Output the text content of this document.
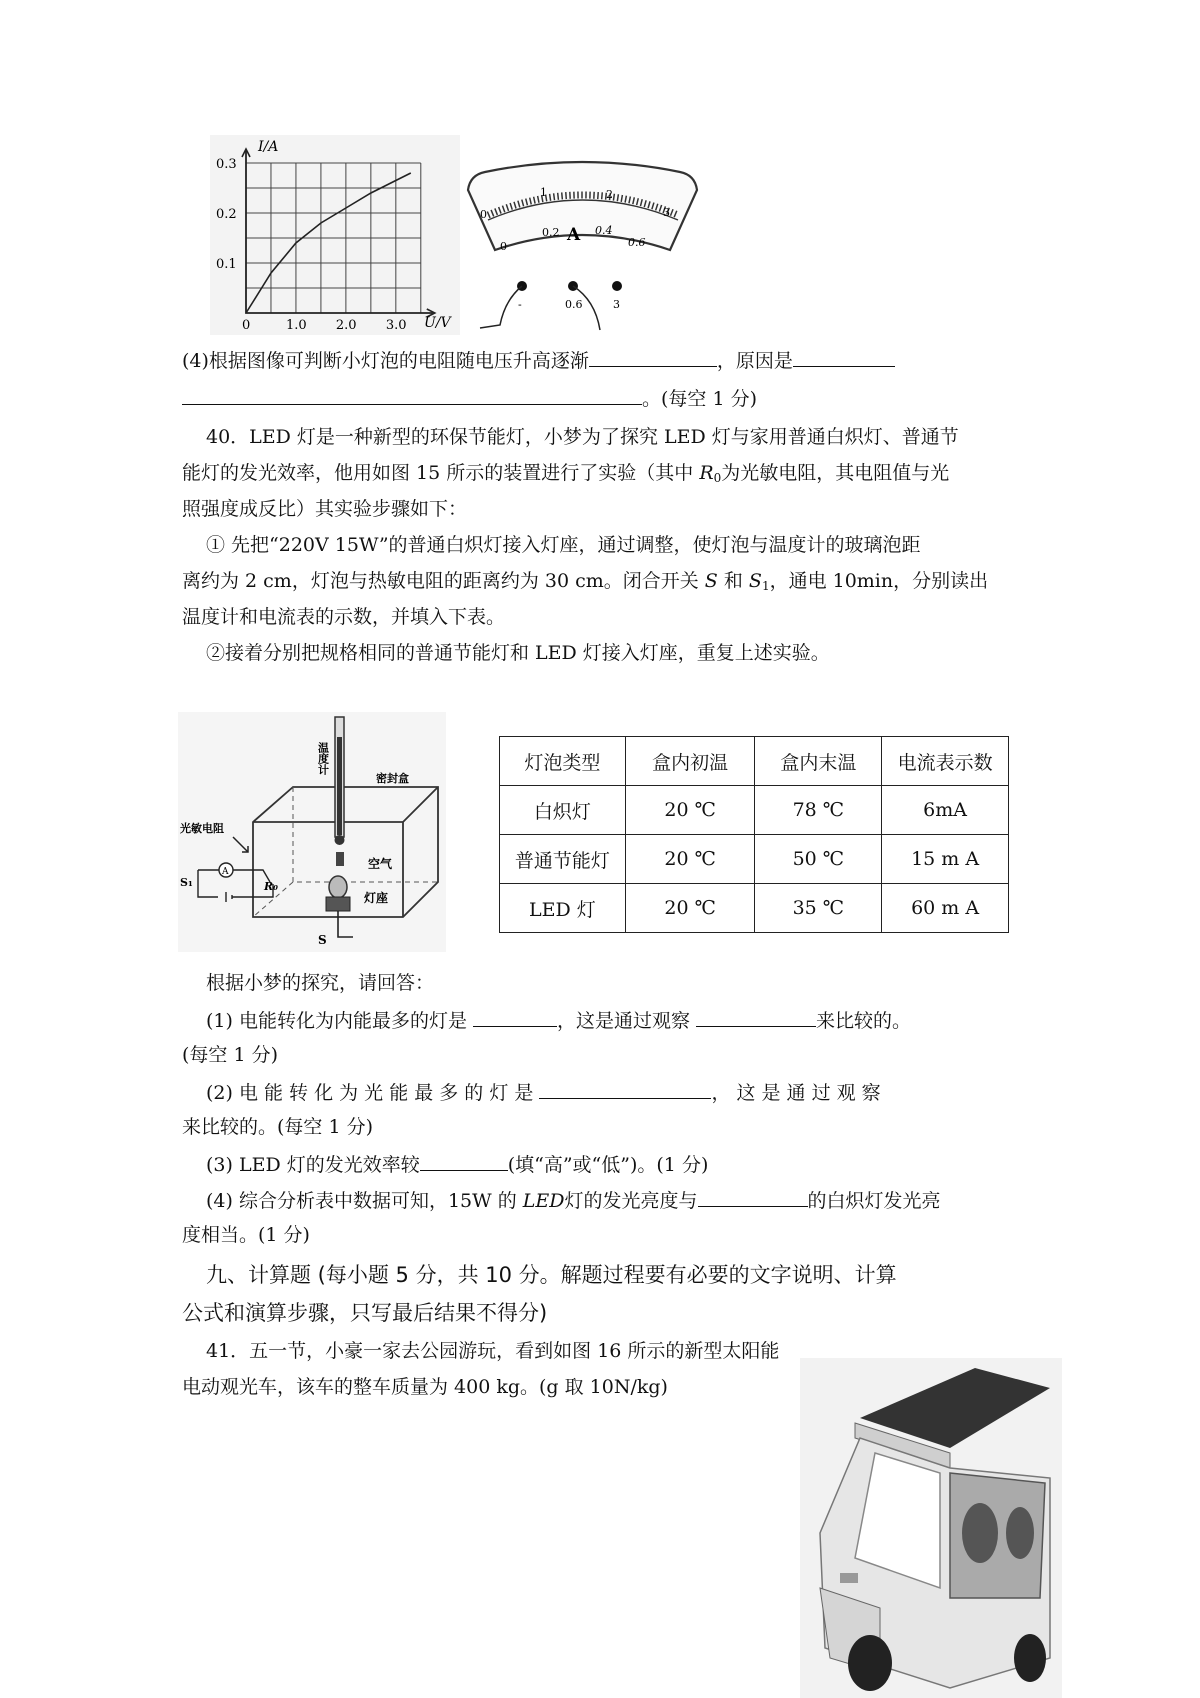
I/A
U/V
0.3
0.2
0.1
0	1.0 2.0 3.0
0
1	2
3
0
0.2	0.4
0.6
A
-	0.6	3
(4)根据图像可判断小灯泡的电阻随电压升高逐渐	，原因是
。(每空 1 分)
40．LED 灯是一种新型的环保节能灯，小梦为了探究 LED 灯与家用普通白炽灯、普通节
能灯的发光效率，他用如图 15 所示的装置进行了实验（其中 $R_0$为光敏电阻，其电阻值与光
照强度成反比）其实验步骤如下：
① 先把“220V 15W”的普通白炽灯接入灯座，通过调整，使灯泡与温度计的玻璃泡距
离约为 2 cm，灯泡与热敏电阻的距离约为 30 cm。闭合开关 S 和 $S_1$，通电 10min，分别读出
温度计和电流表的示数，并填入下表。
②接着分别把规格相同的普通节能灯和 LED 灯接入灯座，重复上述实验。
温度计
密封盒
灯座
空气
S
光敏电阻
A
S₁	R₀
灯泡类型	盒内初温	盒内末温	电流表示数
白炽灯	20 ℃	78 ℃	6mA
普通节能灯	20 ℃	50 ℃	15 m A
LED 灯	20 ℃	35 ℃	60 m A
根据小梦的探究，请回答：
(1) 电能转化为内能最多的灯是	，这是通过观察	来比较的。
(每空 1 分)
(2) 电 能 转 化 为 光 能 最 多 的 灯 是	， 这 是 通 过 观 察
来比较的。(每空 1 分)
(3) LED 灯的发光效率较	(填“高”或“低”)。(1 分)
(4) 综合分析表中数据可知，15W 的 LED灯的发光亮度与	的白炽灯发光亮
度相当。(1 分)
九、计算题 (每小题 5 分，共 10 分。解题过程要有必要的文字说明、计算
公式和演算步骤，只写最后结果不得分)
41．五一节，小豪一家去公园游玩，看到如图 16 所示的新型太阳能
电动观光车，该车的整车质量为 400 kg。(g 取 10N/kg)
